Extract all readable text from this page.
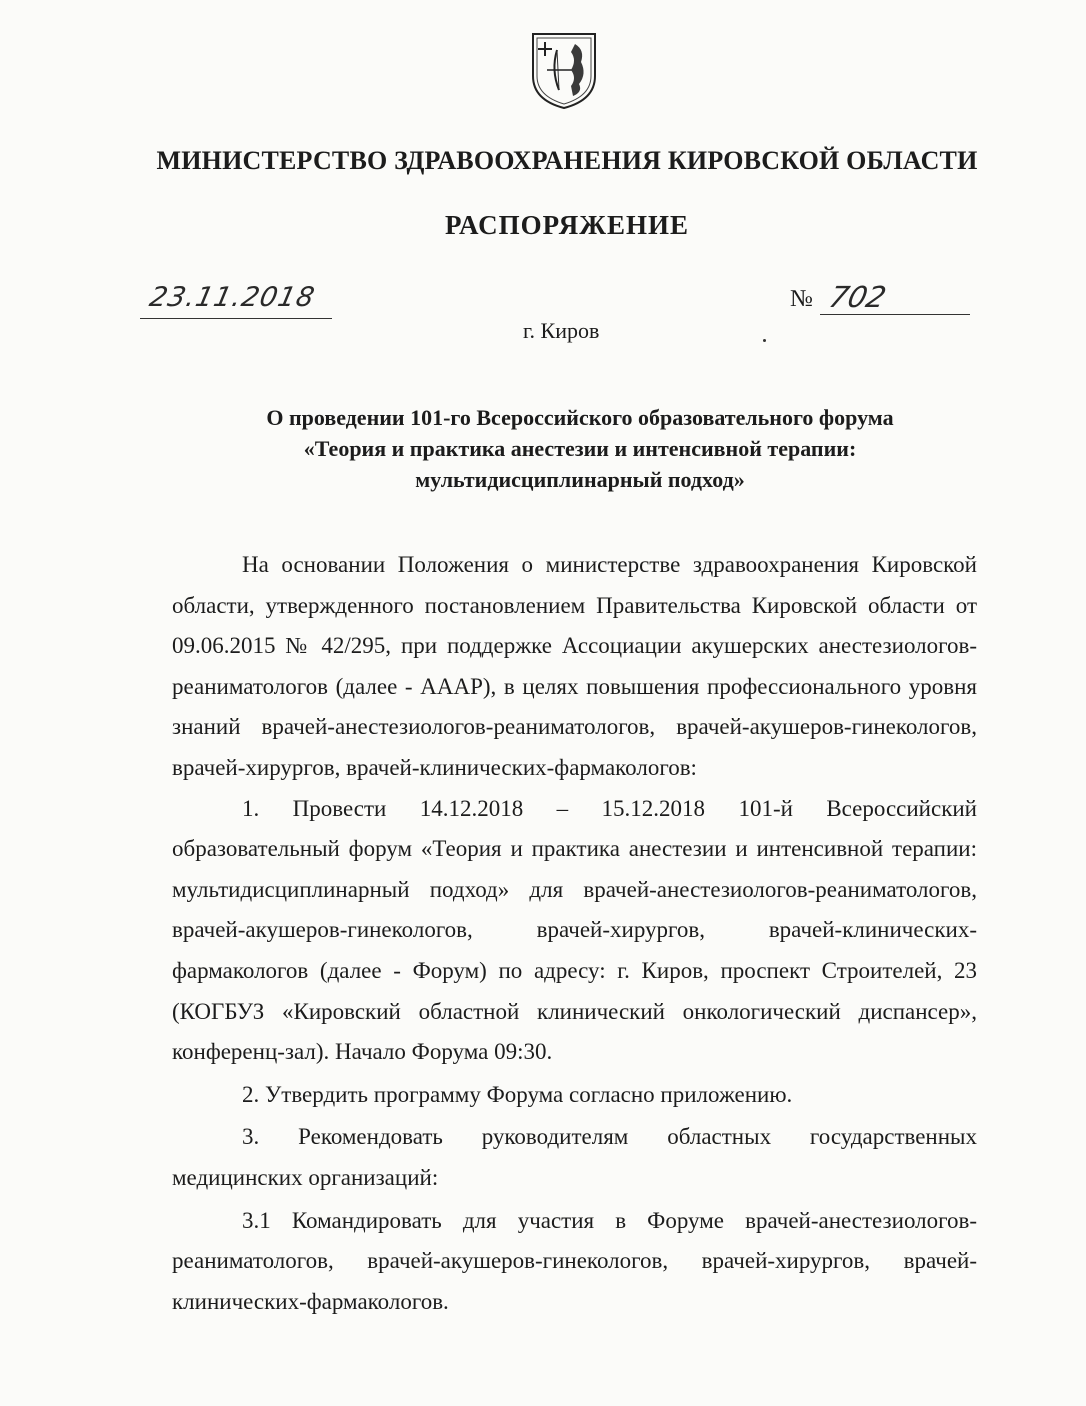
МИНИСТЕРСТВО ЗДРАВООХРАНЕНИЯ КИРОВСКОЙ ОБЛАСТИ
РАСПОРЯЖЕНИЕ
23.11.2018	№ 702
г. Киров
О проведении 101-го Всероссийского образовательного форума
«Теория и практика анестезии и интенсивной терапии:
мультидисциплинарный подход»

На основании Положения о министерстве здравоохранения Кировской области, утвержденного постановлением Правительства Кировской области от 09.06.2015 № 42/295, при поддержке Ассоциации акушерских анестезиологов-реаниматологов (далее - АААР), в целях повышения профессионального уровня знаний врачей-анестезиологов-реаниматологов, врачей-акушеров-гинекологов, врачей-хирургов, врачей-клинических-фармакологов:

1. Провести 14.12.2018 – 15.12.2018 101-й Всероссийский образовательный форум «Теория и практика анестезии и интенсивной терапии: мультидисциплинарный подход» для врачей-анестезиологов-реаниматологов, врачей-акушеров-гинекологов, врачей-хирургов, врачей-клинических-фармакологов (далее - Форум) по адресу: г. Киров, проспект Строителей, 23 (КОГБУЗ «Кировский областной клинический онкологический диспансер», конференц-зал). Начало Форума 09:30.

2. Утвердить программу Форума согласно приложению.

3. Рекомендовать руководителям областных государственных медицинских организаций:

3.1 Командировать для участия в Форуме врачей-анестезиологов-реаниматологов, врачей-акушеров-гинекологов, врачей-хирургов, врачей-клинических-фармакологов.
